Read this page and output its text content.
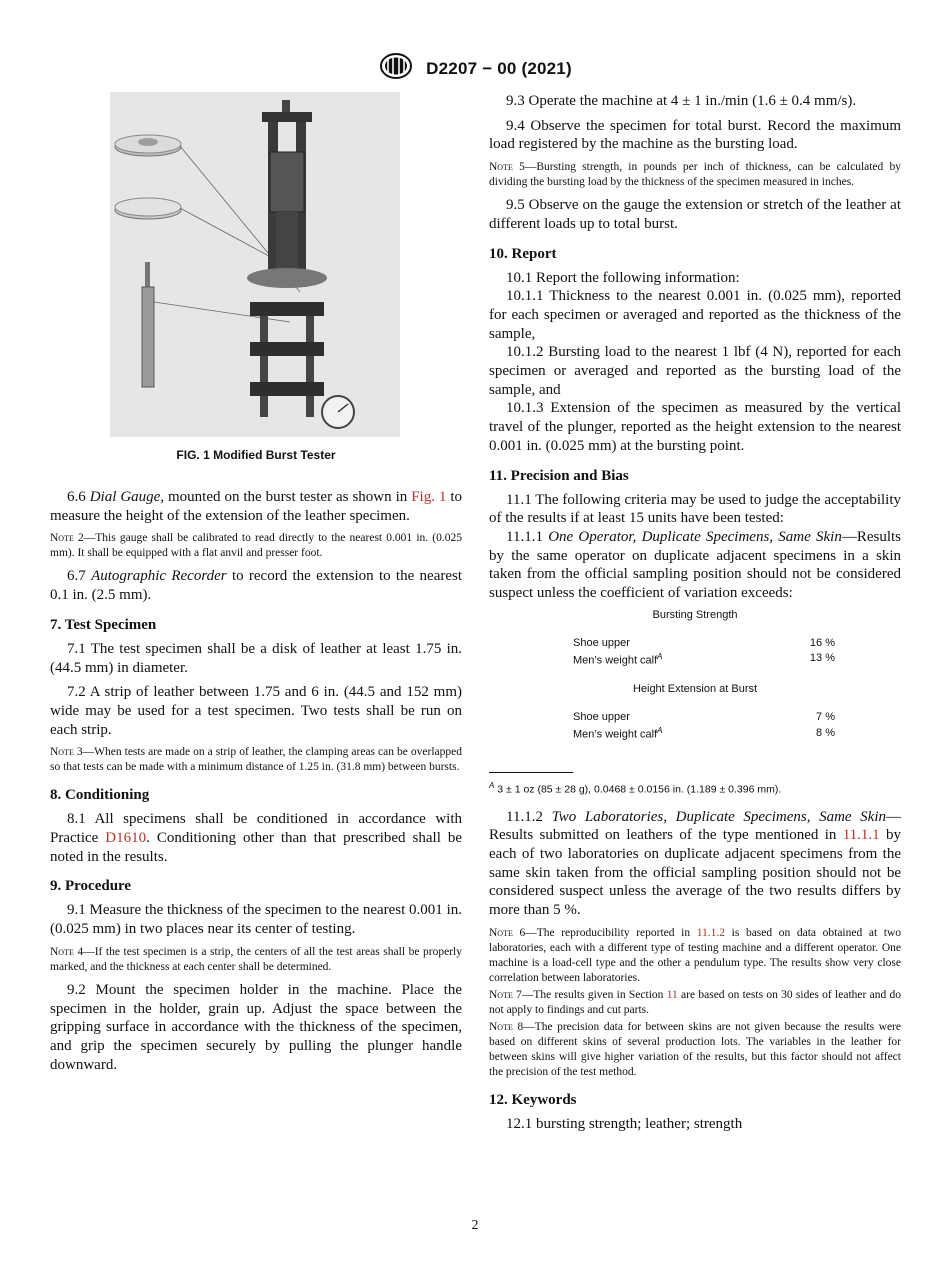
D2207 − 00 (2021)
FIG. 1 Modified Burst Tester

6.6 Dial Gauge, mounted on the burst tester as shown in Fig. 1 to measure the height of the extension of the leather specimen.

Note 2—This gauge shall be calibrated to read directly to the nearest 0.001 in. (0.025 mm). It shall be equipped with a flat anvil and presser foot.

6.7 Autographic Recorder to record the extension to the nearest 0.1 in. (2.5 mm).

7. Test Specimen

7.1 The test specimen shall be a disk of leather at least 1.75 in. (44.5 mm) in diameter.

7.2 A strip of leather between 1.75 and 6 in. (44.5 and 152 mm) wide may be used for a test specimen. Two tests shall be run on each strip.

Note 3—When tests are made on a strip of leather, the clamping areas can be overlapped so that tests can be made with a minimum distance of 1.25 in. (31.8 mm) between bursts.

8. Conditioning

8.1 All specimens shall be conditioned in accordance with Practice D1610. Conditioning other than that prescribed shall be noted in the results.

9. Procedure

9.1 Measure the thickness of the specimen to the nearest 0.001 in. (0.025 mm) in two places near its center of testing.

Note 4—If the test specimen is a strip, the centers of all the test areas shall be properly marked, and the thickness at each center shall be determined.

9.2 Mount the specimen holder in the machine. Place the specimen in the holder, grain up. Adjust the space between the gripping surface in accordance with the thickness of the specimen, and grip the specimen securely by pulling the plunger handle downward.

9.3 Operate the machine at 4 ± 1 in./min (1.6 ± 0.4 mm/s).

9.4 Observe the specimen for total burst. Record the maximum load registered by the machine as the bursting load.

Note 5—Bursting strength, in pounds per inch of thickness, can be calculated by dividing the bursting load by the thickness of the specimen measured in inches.

9.5 Observe on the gauge the extension or stretch of the leather at different loads up to total burst.

10. Report

10.1 Report the following information:

10.1.1 Thickness to the nearest 0.001 in. (0.025 mm), reported for each specimen or averaged and reported as the thickness of the sample,

10.1.2 Bursting load to the nearest 1 lbf (4 N), reported for each specimen or averaged and reported as the bursting load of the sample, and

10.1.3 Extension of the specimen as measured by the vertical travel of the plunger, reported as the height extension to the nearest 0.001 in. (0.025 mm) at the bursting point.

11. Precision and Bias

11.1 The following criteria may be used to judge the acceptability of the results if at least 15 units have been tested:

11.1.1 One Operator, Duplicate Specimens, Same Skin—Results by the same operator on duplicate adjacent specimens in a skin taken from the official sampling position should not be considered suspect unless the coefficient of variation exceeds:

Bursting Strength
Shoe upper	16 %
Men’s weight calf$^A$	13 %
Height Extension at Burst
Shoe upper	7 %
Men’s weight calf$^A$	8 %
$^A$ 3 ± 1 oz (85 ± 28 g), 0.0468 ± 0.0156 in. (1.189 ± 0.396 mm).

11.1.2 Two Laboratories, Duplicate Specimens, Same Skin—Results submitted on leathers of the type mentioned in 11.1.1 by each of two laboratories on duplicate adjacent specimens from the same skin taken from the official sampling position should not be considered suspect unless the average of the two results differs by more than 5 %.

Note 6—The reproducibility reported in 11.1.2 is based on data obtained at two laboratories, each with a different type of testing machine and a different operator. One machine is a load-cell type and the other a pendulum type. The results show very close correlation between laboratories.

Note 7—The results given in Section 11 are based on tests on 30 sides of leather and do not apply to findings and cut parts.

Note 8—The precision data for between skins are not given because the results were based on different skins of several production lots. The variables in the leather for between skins will give higher variation of the results, but this factor should not affect the precision of the test method.

12. Keywords

12.1 bursting strength; leather; strength

2
